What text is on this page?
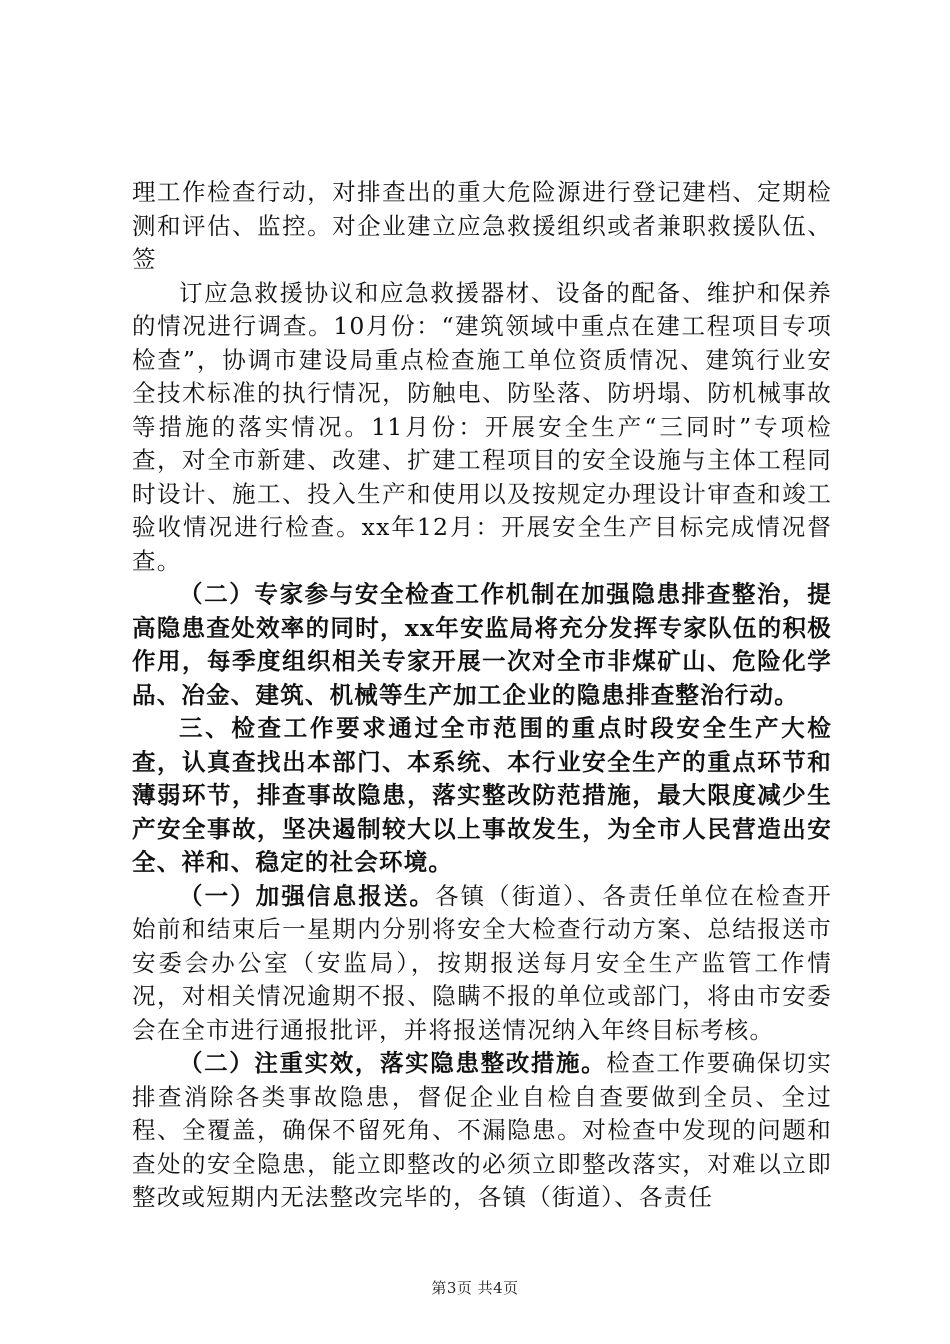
理工作检查行动，对排查出的重大危险源进行登记建档、定期检测和评估、监控。对企业建立应急救援组织或者兼职救援队伍、签

订应急救援协议和应急救援器材、设备的配备、维护和保养的情况进行调查。10月份：“建筑领域中重点在建工程项目专项检查”，协调市建设局重点检查施工单位资质情况、建筑行业安全技术标准的执行情况，防触电、防坠落、防坍塌、防机械事故等措施的落实情况。11月份：开展安全生产“三同时”专项检查，对全市新建、改建、扩建工程项目的安全设施与主体工程同时设计、施工、投入生产和使用以及按规定办理设计审查和竣工验收情况进行检查。xx年12月：开展安全生产目标完成情况督查。

（二）专家参与安全检查工作机制在加强隐患排查整治，提高隐患查处效率的同时，xx年安监局将充分发挥专家队伍的积极作用，每季度组织相关专家开展一次对全市非煤矿山、危险化学品、冶金、建筑、机械等生产加工企业的隐患排查整治行动。

三、检查工作要求通过全市范围的重点时段安全生产大检查，认真查找出本部门、本系统、本行业安全生产的重点环节和薄弱环节，排查事故隐患，落实整改防范措施，最大限度减少生产安全事故，坚决遏制较大以上事故发生，为全市人民营造出安全、祥和、稳定的社会环境。

（一）加强信息报送。各镇（街道）、各责任单位在检查开始前和结束后一星期内分别将安全大检查行动方案、总结报送市安委会办公室（安监局），按期报送每月安全生产监管工作情况，对相关情况逾期不报、隐瞒不报的单位或部门，将由市安委会在全市进行通报批评，并将报送情况纳入年终目标考核。

（二）注重实效，落实隐患整改措施。检查工作要确保切实排查消除各类事故隐患，督促企业自检自查要做到全员、全过程、全覆盖，确保不留死角、不漏隐患。对检查中发现的问题和查处的安全隐患，能立即整改的必须立即整改落实，对难以立即整改或短期内无法整改完毕的，各镇（街道）、各责任

第3页 共4页
